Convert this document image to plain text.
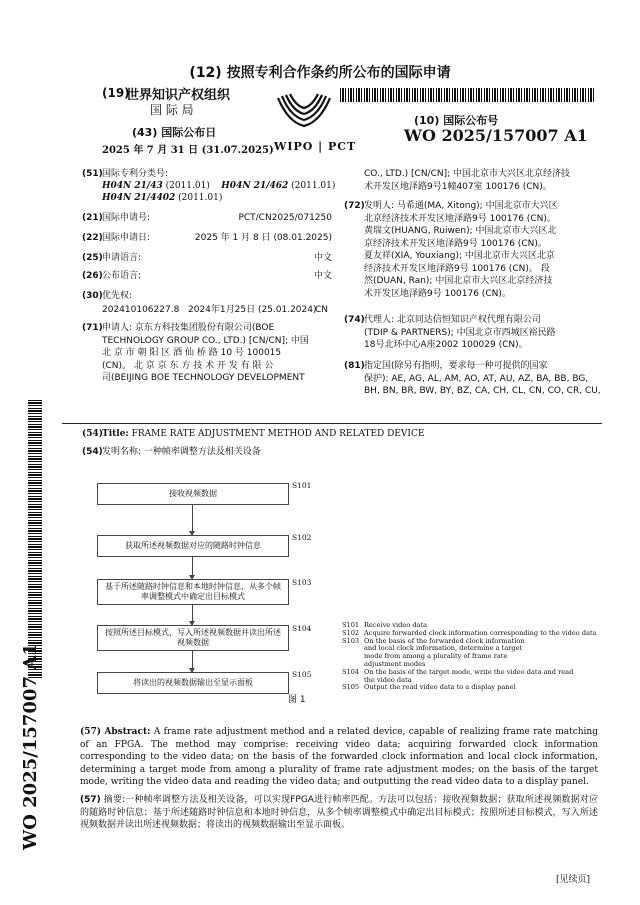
(12) 按照专利合作条约所公布的国际申请
(19)
世界知识产权组织
国 际 局
(43) 国际公布日
2025 年 7 月 31 日 (31.07.2025) WIPO | PCT
(10) 国际公布号
WO 2025/157007 A1
(51)国际专利分类号:
H04N 21/43 (2011.01) H04N 21/462 (2011.01)
H04N 21/4402 (2011.01)
(21)国际申请号:	PCT/CN2025/071250
(22)国际申请日:	2025 年 1 月 8 日 (08.01.2025)
(25)申请语言:	中文
(26)公布语言:	中文
(30)优先权:
202410106227.8 2024年1月25日 (25.01.2024)
CN
(71)申请人: 京东方科技集团股份有限公司(BOE
TECHNOLOGY GROUP CO., LTD.) [CN/CN]; 中国
北 京 市 朝 阳 区 酒 仙 桥 路 10 号 100015
(CN)。 北 京 京 东 方 技 术 开 发 有 限 公
司(BEIJING BOE TECHNOLOGY DEVELOPMENT
CO., LTD.) [CN/CN]; 中国北京市大兴区北京经济技
术开发区地泽路9号1幢407室 100176 (CN)。
(72)发明人: 马希通(MA, Xitong); 中国北京市大兴区
北京经济技术开发区地泽路9号 100176 (CN)。
黄瑞文(HUANG, Ruiwen); 中国北京市大兴区北
京经济技术开发区地泽路9号 100176 (CN)。
夏友祥(XIA, Youxiang); 中国北京市大兴区北京
经济技术开发区地泽路9号 100176 (CN)。 段
然(DUAN, Ran); 中国北京市大兴区北京经济技
术开发区地泽路9号 100176 (CN)。
(74)代理人: 北京同达信恒知识产权代理有限公司
(TDIP & PARTNERS); 中国北京市西城区裕民路
18号北环中心A座2002 100029 (CN)。
(81)指定国(除另有指明，要求每一种可提供的国家
保护): AE, AG, AL, AM, AO, AT, AU, AZ, BA, BB, BG,
BH, BN, BR, BW, BY, BZ, CA, CH, CL, CN, CO, CR, CU,
(54)Title: FRAME RATE ADJUSTMENT METHOD AND RELATED DEVICE
(54)发明名称: 一种帧率调整方法及相关设备
接收视频数据
S101
获取所述视频数据对应的随路时钟信息
S102
基于所述随路时钟信息和本地时钟信息，从多个帧率调整模式中确定出目标模式
S103
按照所述目标模式，写入所述视频数据并读出所述视频数据
S104
将读出的视频数据输出至显示面板
S105
图 1
S101 Receive video data
S102 Acquire forwarded clock information corresponding to the video data
S103 On the basis of the forwarded clock information and local clock information, determine a target mode from among a plurality of frame rate adjustment modes
S104 On the basis of the target mode, write the video data and read the video data
S105 Output the read video data to a display panel
(57) Abstract: A frame rate adjustment method and a related device, capable of realizing frame rate matching of an FPGA. The method may comprise: receiving video data; acquiring forwarded clock information corresponding to the video data; on the basis of the forwarded clock information and local clock information, determining a target mode from among a plurality of frame rate adjustment modes; on the basis of the target mode, writing the video data and reading the video data; and outputting the read video data to a display panel.
(57) 摘要:一种帧率调整方法及相关设备，可以实现FPGA进行帧率匹配。方法可以包括：接收视频数据；获取所述视频数据对应的随路时钟信息；基于所述随路时钟信息和本地时钟信息，从多个帧率调整模式中确定出目标模式；按照所述目标模式，写入所述视频数据并读出所述视频数据；将读出的视频数据输出至显示面板。
WO 2025/157007 A1
[见续页]
